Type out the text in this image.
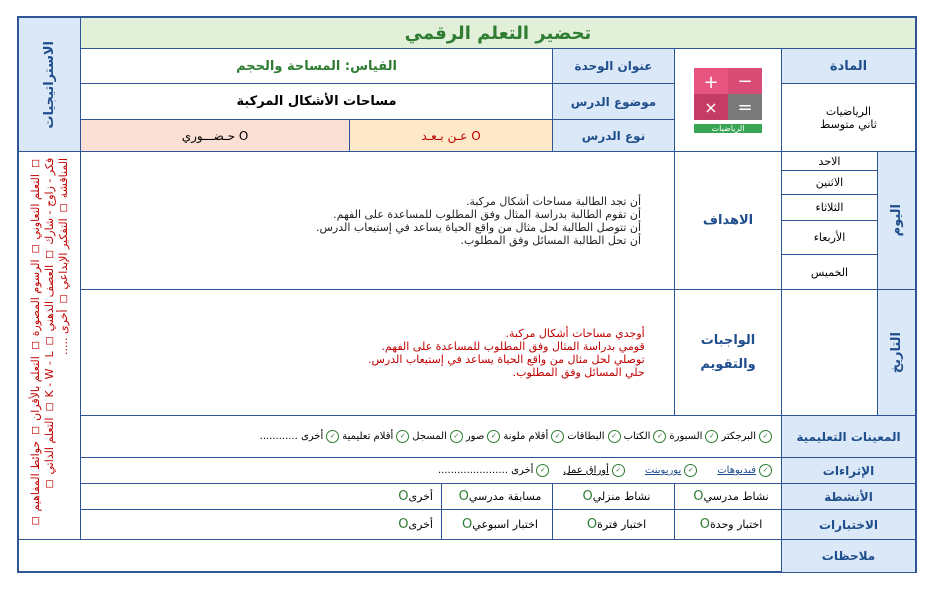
تحضير التعلم الرقمي
الاستراتيجيات
◻ التعلم التعاوني ◻ الرسوم المصورة ◻ التعلم بالأقران ◻ حوائط المفاهيم ◻ فكر - زاوج - شارك ◻ العصف الذهني ◻ K - W - L ◻ التعلم الذاتي ◻ المناقشة ◻ التفكير الإبداعي ◻ أخرى .....
المادة
الرياضيات
ثاني متوسط
+ −
× =
الرياضيات
عنوان الوحدة
القياس: المساحة والحجم
موضوع الدرس
مساحات الأشكال المركبة
نوع الدرس
عـن بـعـد O
حـضـــوري O
اليوم
الاحد
الاثنين
الثلاثاء
الأربعاء
الخميس
التاريخ
الاهداف
أن تجد الطالبة مساحات أشكال مركبة.
أن تقوم الطالبة بدراسة المثال وفق المطلوب للمساعدة على الفهم.
أن تتوصل الطالبة لحل مثال من واقع الحياة يساعد في إستيعاب الدرس.
أن تحل الطالبة المسائل وفق المطلوب.
الواجبات
والتقويم
أوجدي مساحات أشكال مركبة.
قومي بدراسة المثال وفق المطلوب للمساعدة على الفهم.
توصلي لحل مثال من واقع الحياة يساعد في إستيعاب الدرس.
حلي المسائل وفق المطلوب.
المعينات التعليمية
✓
البرجكتر
✓
السبورة
✓
الكتاب
✓
البطاقات
✓
أقلام ملونة
✓
صور
✓
المسجل
✓
أقلام تعليمية
✓
أخرى ............
الإثراءات
✓
فيديوهات
✓
بوربوينت
✓
أوراق عمل
✓
أخرى ......................
الأنشطة
نشاط مدرسي
O
نشاط منزلي
O
مسابقة مدرسي
O
أخرى
O
الاختبارات
اختبار وحدة
O
اختبار فترة
O
اختبار اسبوعي
O
أخرى
O
ملاحظات
